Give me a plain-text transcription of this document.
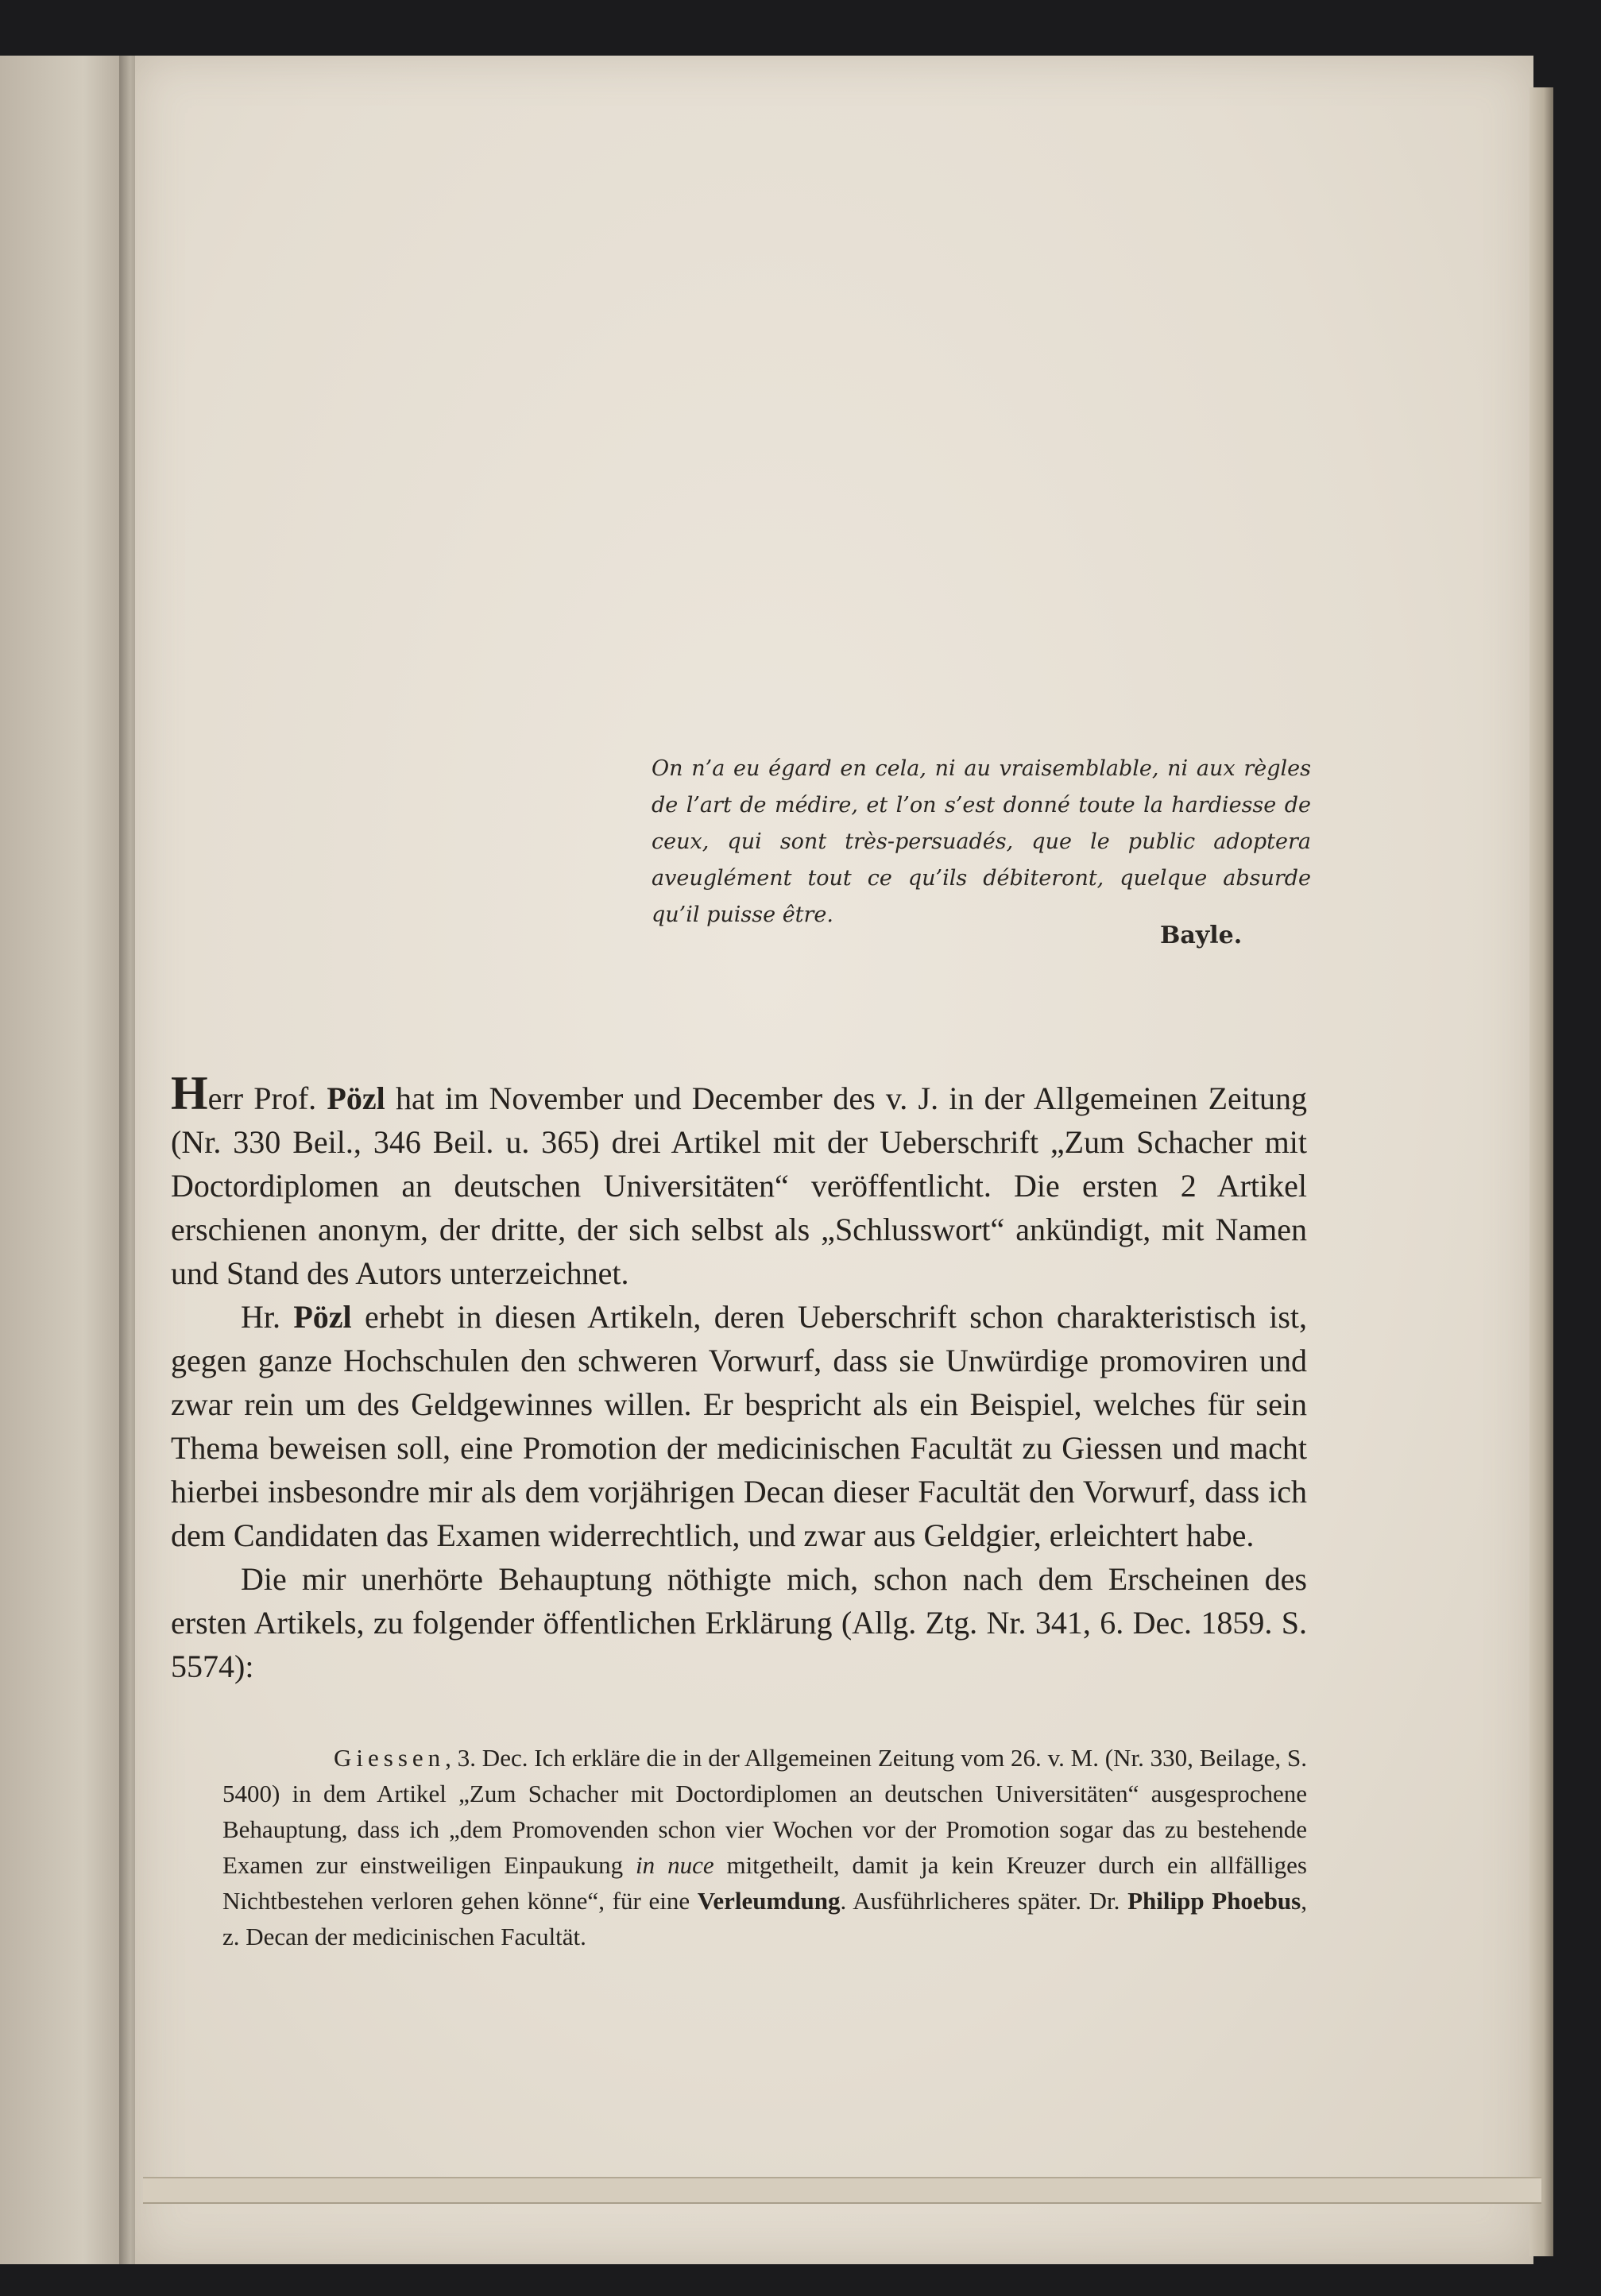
On n’a eu égard en cela, ni au vraisemblable, ni aux règles de l’art de médire, et l’on s’est donné toute la hardiesse de ceux, qui sont très-persuadés, que le public adoptera aveuglément tout ce qu’ils débiteront, quelque absurde qu’il puisse être.
Bayle.

Herr Prof. Pözl hat im November und December des v. J. in der Allgemeinen Zeitung (Nr. 330 Beil., 346 Beil. u. 365) drei Artikel mit der Ueberschrift „Zum Schacher mit Doctordiplomen an deutschen Universitäten“ veröffentlicht. Die ersten 2 Artikel erschienen anonym, der dritte, der sich selbst als „Schlusswort“ ankündigt, mit Namen und Stand des Autors unterzeichnet.

Hr. Pözl erhebt in diesen Artikeln, deren Ueberschrift schon charakteristisch ist, gegen ganze Hochschulen den schweren Vorwurf, dass sie Unwürdige promoviren und zwar rein um des Geldgewinnes willen. Er bespricht als ein Beispiel, welches für sein Thema beweisen soll, eine Promotion der medicinischen Facultät zu Giessen und macht hierbei insbesondre mir als dem vorjährigen Decan dieser Facultät den Vorwurf, dass ich dem Candidaten das Examen widerrechtlich, und zwar aus Geldgier, erleichtert habe.

Die mir unerhörte Behauptung nöthigte mich, schon nach dem Erscheinen des ersten Artikels, zu folgender öffentlichen Erklärung (Allg. Ztg. Nr. 341, 6. Dec. 1859. S. 5574):

Giessen, 3. Dec. Ich erkläre die in der Allgemeinen Zeitung vom 26. v. M. (Nr. 330, Beilage, S. 5400) in dem Artikel „Zum Schacher mit Doctordiplomen an deutschen Universitäten“ ausgesprochene Behauptung, dass ich „dem Promovenden schon vier Wochen vor der Promotion sogar das zu bestehende Examen zur einstweiligen Einpaukung in nuce mitgetheilt, damit ja kein Kreuzer durch ein allfälliges Nichtbestehen verloren gehen könne“, für eine Verleumdung. Ausführlicheres später. Dr. Philipp Phoebus, z. Decan der medicinischen Facultät.
